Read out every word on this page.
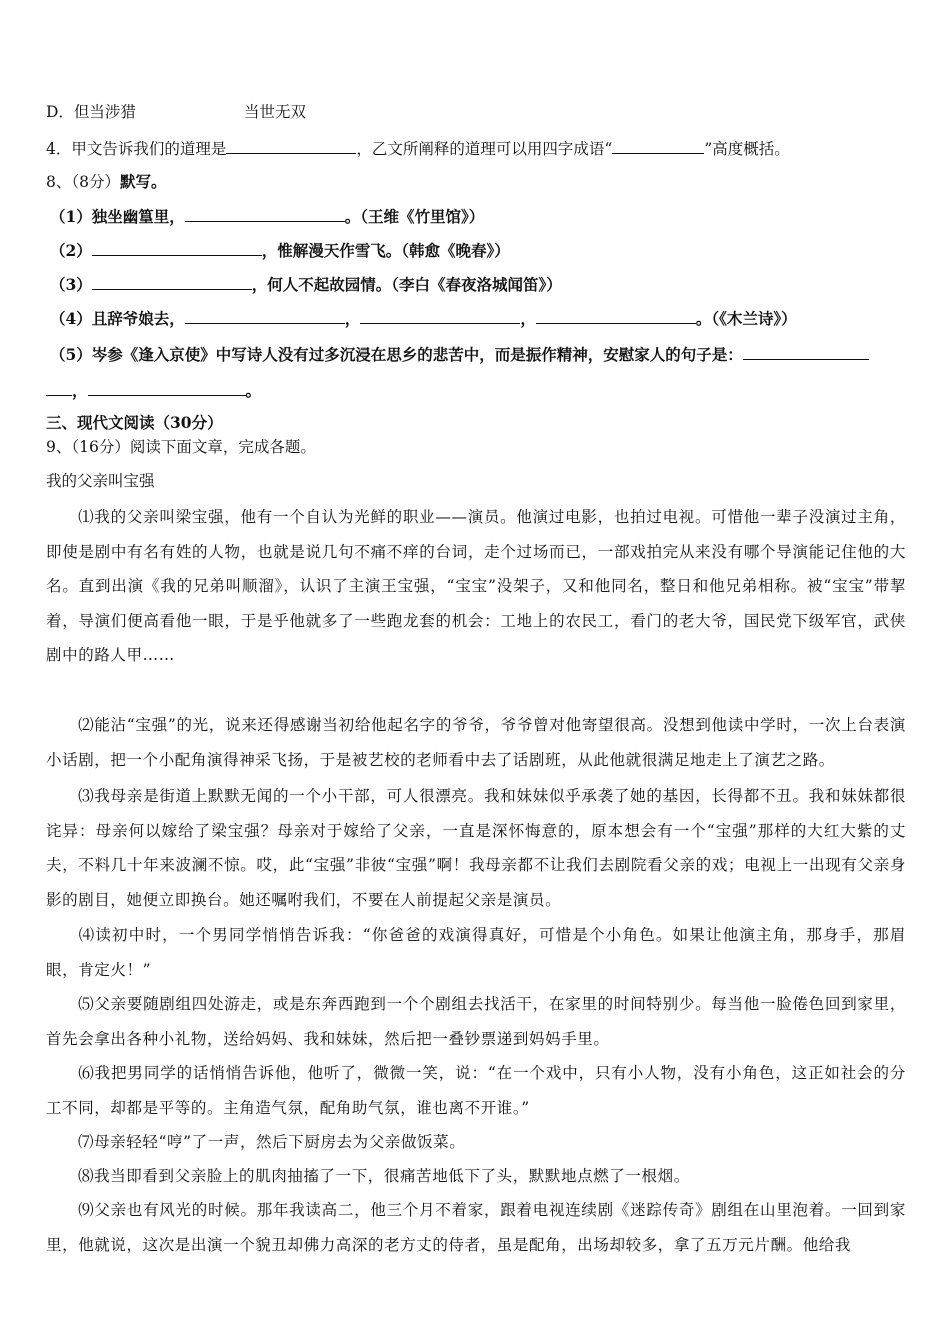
D．但当涉猎	当世无双
4．甲文告诉我们的道理是	，乙文所阐释的道理可以用四字成语“	”高度概括。
8、（8分）默写。
（1）独坐幽篁里，	。（王维《竹里馆》）
（2）	，惟解漫天作雪飞。（韩愈《晚春》）
（3）	，何人不起故园情。（李白《春夜洛城闻笛》）
（4）且辞爷娘去，	，	，	。（《木兰诗》）
（5）岑参《逢入京使》中写诗人没有过多沉浸在思乡的悲苦中，而是振作精神，安慰家人的句子是：
，	。
三、现代文阅读（30分）
9、（16分）阅读下面文章，完成各题。
我的父亲叫宝强
⑴我的父亲叫梁宝强，他有一个自认为光鲜的职业——演员。他演过电影，也拍过电视。可惜他一辈子没演过主角，即使是剧中有名有姓的人物，也就是说几句不痛不痒的台词，走个过场而已，一部戏拍完从来没有哪个导演能记住他的大名。直到出演《我的兄弟叫顺溜》，认识了主演王宝强，“宝宝”没架子，又和他同名，整日和他兄弟相称。被“宝宝”带挈着，导演们便高看他一眼，于是乎他就多了一些跑龙套的机会：工地上的农民工，看门的老大爷，国民党下级军官，武侠剧中的路人甲……
⑵能沾“宝强”的光，说来还得感谢当初给他起名字的爷爷，爷爷曾对他寄望很高。没想到他读中学时，一次上台表演小话剧，把一个小配角演得神采飞扬，于是被艺校的老师看中去了话剧班，从此他就很满足地走上了演艺之路。
⑶我母亲是街道上默默无闻的一个小干部，可人很漂亮。我和妹妹似乎承袭了她的基因，长得都不丑。我和妹妹都很诧异：母亲何以嫁给了梁宝强？母亲对于嫁给了父亲，一直是深怀悔意的，原本想会有一个“宝强”那样的大红大紫的丈夫，不料几十年来波澜不惊。哎，此“宝强”非彼“宝强”啊！我母亲都不让我们去剧院看父亲的戏；电视上一出现有父亲身影的剧目，她便立即换台。她还嘱咐我们，不要在人前提起父亲是演员。
⑷读初中时，一个男同学悄悄告诉我：“你爸爸的戏演得真好，可惜是个小角色。如果让他演主角，那身手，那眉眼，肯定火！”
⑸父亲要随剧组四处游走，或是东奔西跑到一个个剧组去找活干，在家里的时间特别少。每当他一脸倦色回到家里，首先会拿出各种小礼物，送给妈妈、我和妹妹，然后把一叠钞票递到妈妈手里。
⑹我把男同学的话悄悄告诉他，他听了，微微一笑，说：“在一个戏中，只有小人物，没有小角色，这正如社会的分工不同，却都是平等的。主角造气氛，配角助气氛，谁也离不开谁。”
⑺母亲轻轻“哼”了一声，然后下厨房去为父亲做饭菜。
⑻我当即看到父亲脸上的肌肉抽搐了一下，很痛苦地低下了头，默默地点燃了一根烟。
⑼父亲也有风光的时候。那年我读高二，他三个月不着家，跟着电视连续剧《迷踪传奇》剧组在山里泡着。一回到家里，他就说，这次是出演一个貌丑却佛力高深的老方丈的侍者，虽是配角，出场却较多，拿了五万元片酬。他给我
